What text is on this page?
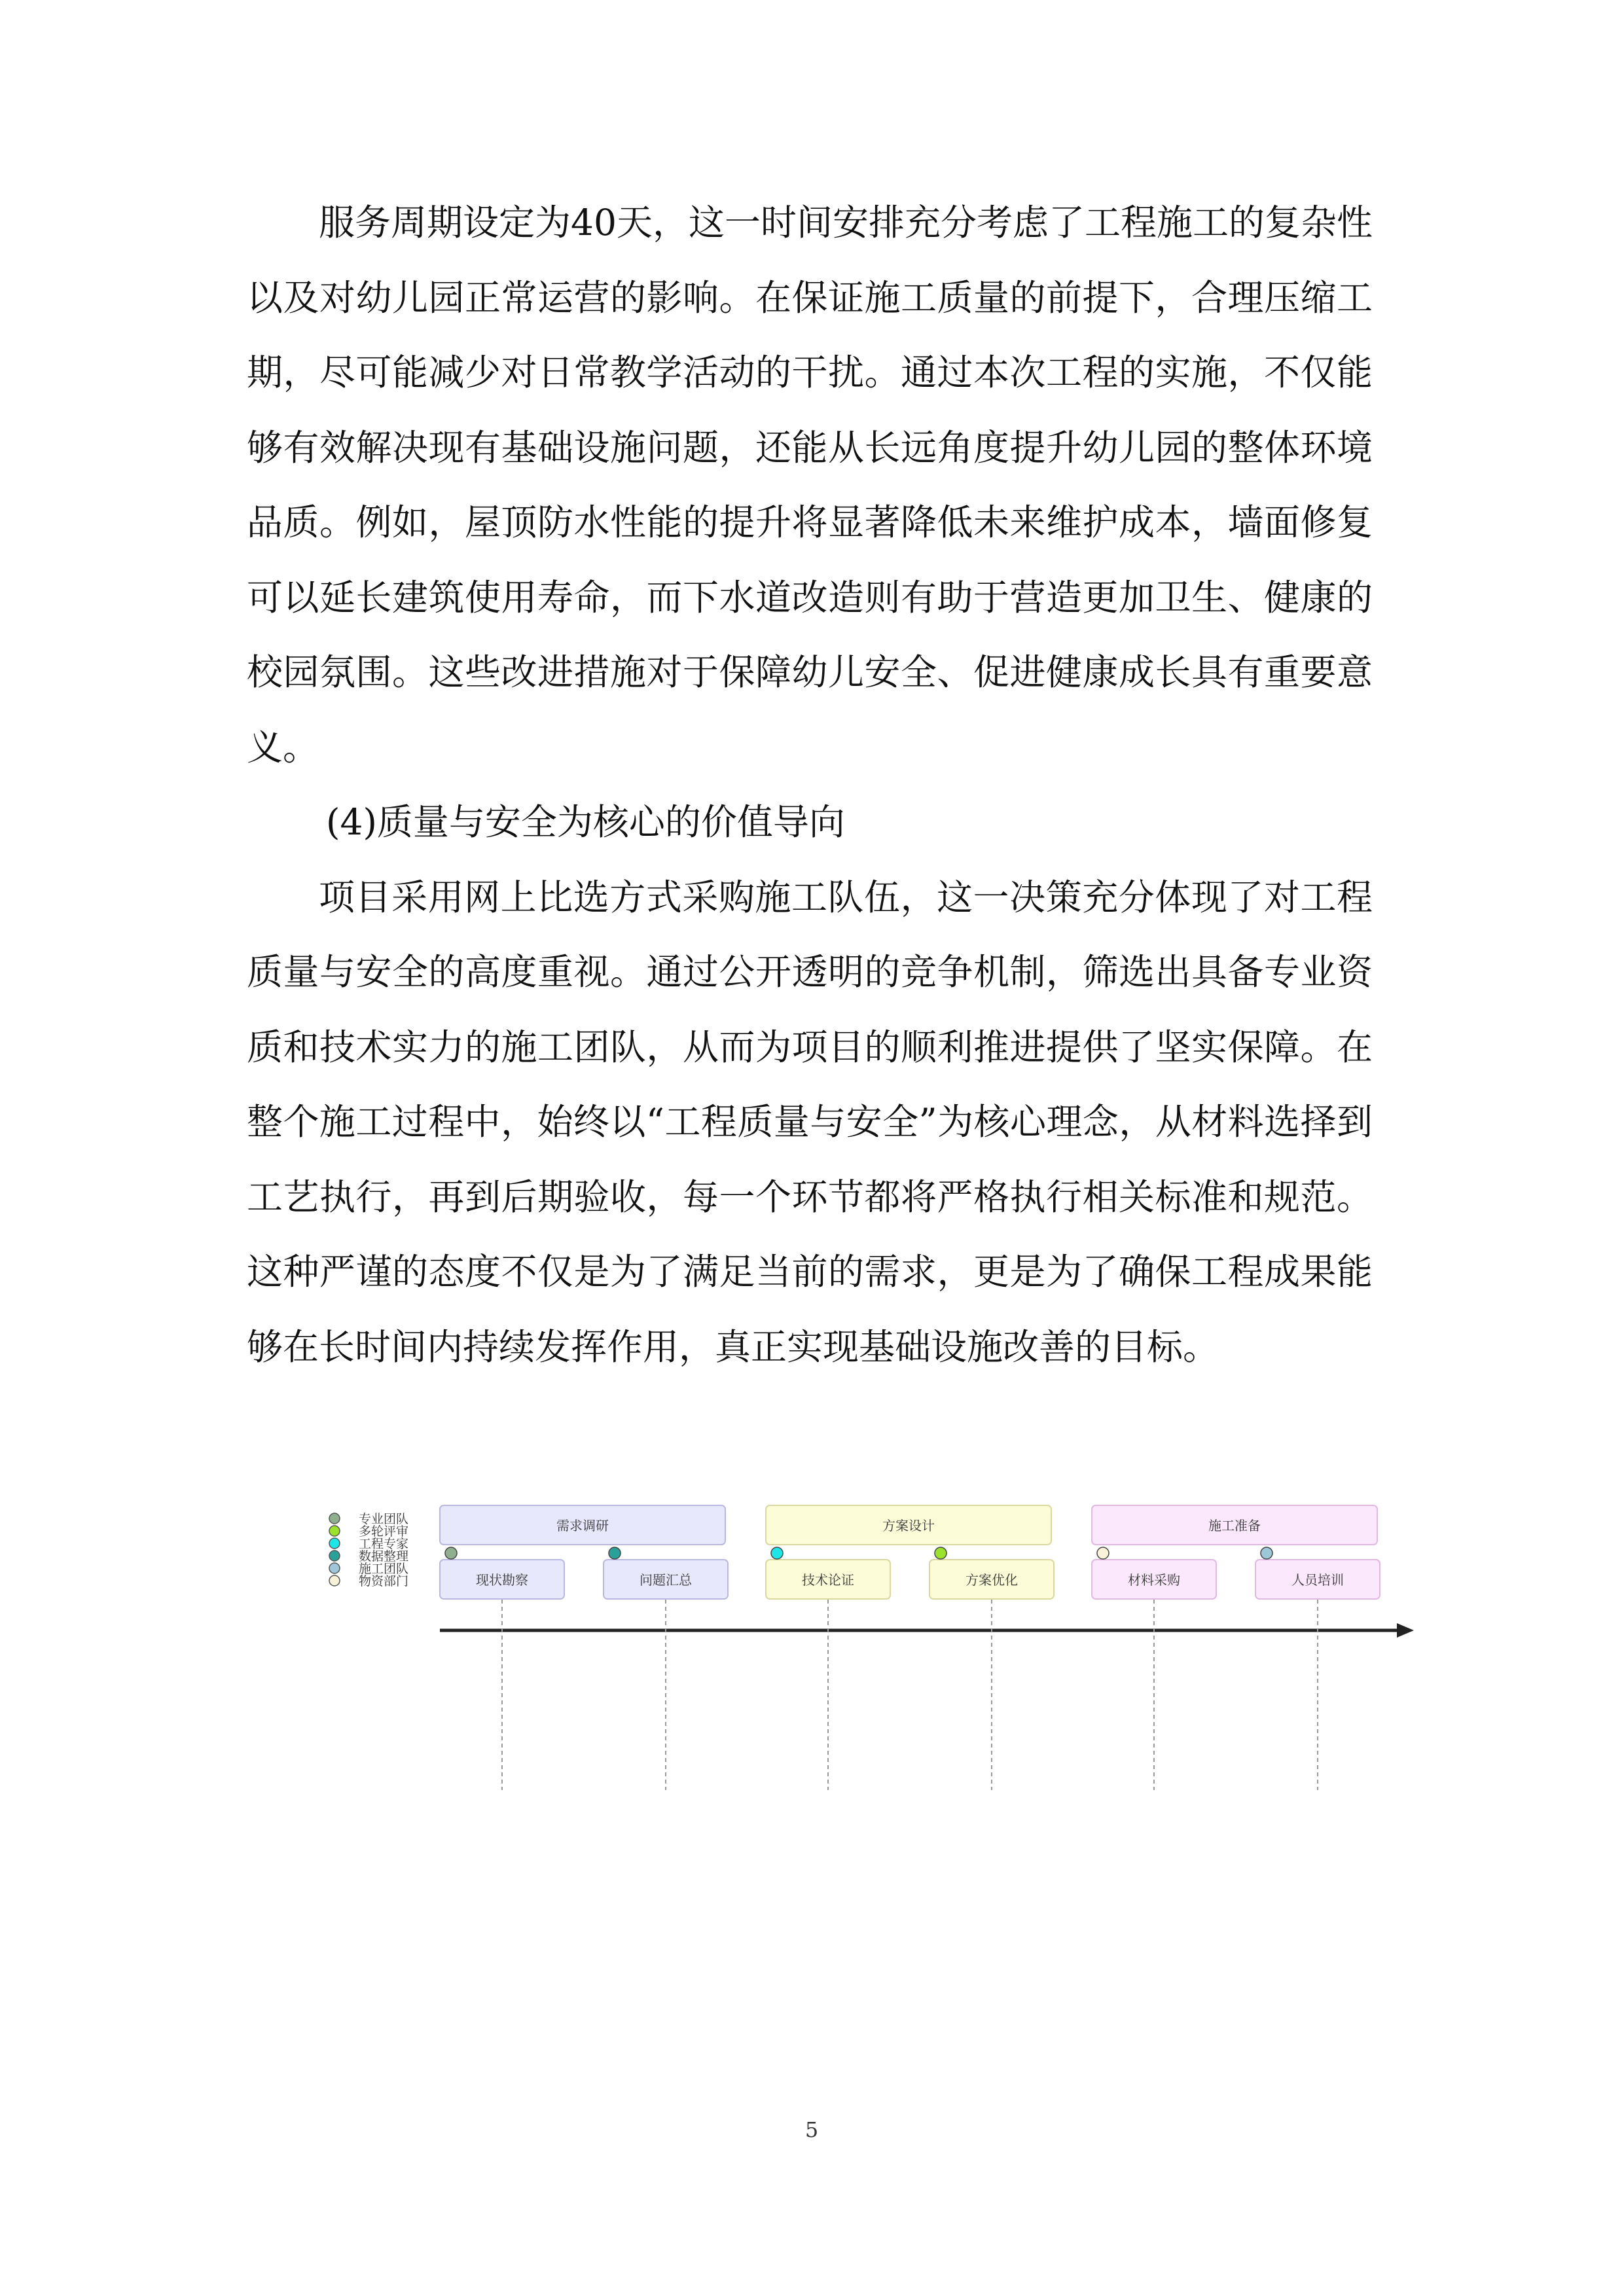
服务周期设定为40天，这一时间安排充分考虑了工程施工的复杂性以及对幼儿园正常运营的影响。在保证施工质量的前提下，合理压缩工期，尽可能减少对日常教学活动的干扰。通过本次工程的实施，不仅能够有效解决现有基础设施问题，还能从长远角度提升幼儿园的整体环境品质。例如，屋顶防水性能的提升将显著降低未来维护成本，墙面修复可以延长建筑使用寿命，而下水道改造则有助于营造更加卫生、健康的校园氛围。这些改进措施对于保障幼儿安全、促进健康成长具有重要意义。

(4)质量与安全为核心的价值导向

项目采用网上比选方式采购施工队伍，这一决策充分体现了对工程质量与安全的高度重视。通过公开透明的竞争机制，筛选出具备专业资质和技术实力的施工团队，从而为项目的顺利推进提供了坚实保障。在整个施工过程中，始终以“工程质量与安全”为核心理念，从材料选择到工艺执行，再到后期验收，每一个环节都将严格执行相关标准和规范。这种严谨的态度不仅是为了满足当前的需求，更是为了确保工程成果能够在长时间内持续发挥作用，真正实现基础设施改善的目标。

专业团队
多轮评审
工程专家
数据整理
施工团队
物资部门
需求调研	方案设计	施工准备
现状勘察	问题汇总	技术论证	方案优化	材料采购	人员培训
5
